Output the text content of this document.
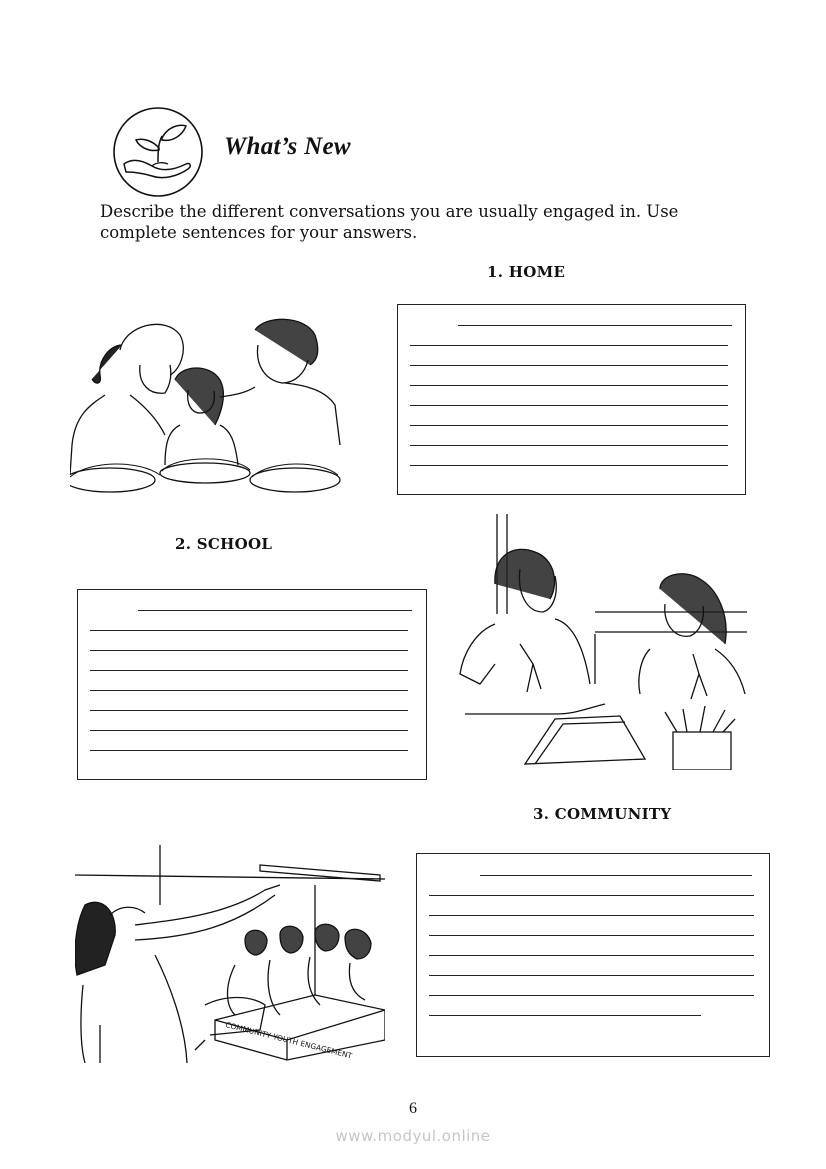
What’s New
Describe the different conversations you are usually engaged in. Use complete sentences for your answers.
1. HOME
2. SCHOOL
3. COMMUNITY
COMMUNITY YOUTH ENGAGEMENT
6
www.modyul.online
